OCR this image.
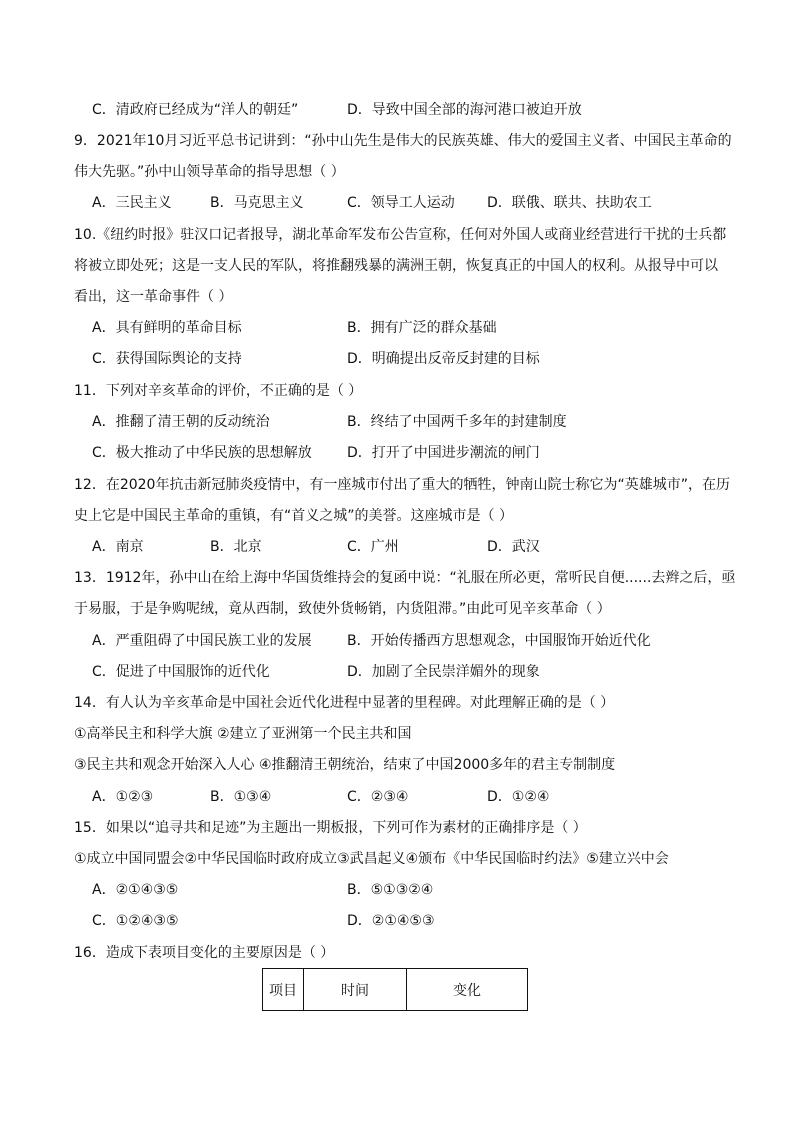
C．清政府已经成为“洋人的朝廷”	D．导致中国全部的海河港口被迫开放
9．2021年10月习近平总书记讲到：“孙中山先生是伟大的民族英雄、伟大的爱国主义者、中国民主革命的
伟大先驱。”孙中山领导革命的指导思想（ ）
A．三民主义	B．马克思主义	C．领导工人运动 D．联俄、联共、扶助农工
10.《纽约时报》驻汉口记者报导，湖北革命军发布公告宣称，任何对外国人或商业经营进行干扰的士兵都
将被立即处死；这是一支人民的军队，将推翻残暴的满洲王朝，恢复真正的中国人的权利。从报导中可以
看出，这一革命事件（ ）
A．具有鲜明的革命目标	B．拥有广泛的群众基础
C．获得国际舆论的支持	D．明确提出反帝反封建的目标
11．下列对辛亥革命的评价，不正确的是（ ）
A．推翻了清王朝的反动统治	B．终结了中国两千多年的封建制度
C．极大推动了中华民族的思想解放	D．打开了中国进步潮流的闸门
12．在2020年抗击新冠肺炎疫情中，有一座城市付出了重大的牺牲，钟南山院士称它为“英雄城市”，在历
史上它是中国民主革命的重镇，有“首义之城”的美誉。这座城市是（ ）
A．南京	B．北京	C．广州	D．武汉
13．1912年，孙中山在给上海中华国货维持会的复函中说：“礼服在所必更，常听民自便......去辫之后，亟
于易服，于是争购呢绒，竟从西制，致使外货畅销，内货阻滞。”由此可见辛亥革命（ ）
A．严重阻碍了中国民族工业的发展	B．开始传播西方思想观念，中国服饰开始近代化
C．促进了中国服饰的近代化	D．加剧了全民崇洋媚外的现象
14．有人认为辛亥革命是中国社会近代化进程中显著的里程碑。对此理解正确的是（ ）
①高举民主和科学大旗 ②建立了亚洲第一个民主共和国
③民主共和观念开始深入人心 ④推翻清王朝统治，结束了中国2000多年的君主专制制度
A．①②③	B．①③④	C．②③④	D．①②④
15．如果以“追寻共和足迹”为主题出一期板报，下列可作为素材的正确排序是（ ）
①成立中国同盟会②中华民国临时政府成立③武昌起义④颁布《中华民国临时约法》⑤建立兴中会
A．②①④③⑤	B．⑤①③②④
C．①②④③⑤	D．②①④⑤③
16．造成下表项目变化的主要原因是（ ）
项目	时间	变化
